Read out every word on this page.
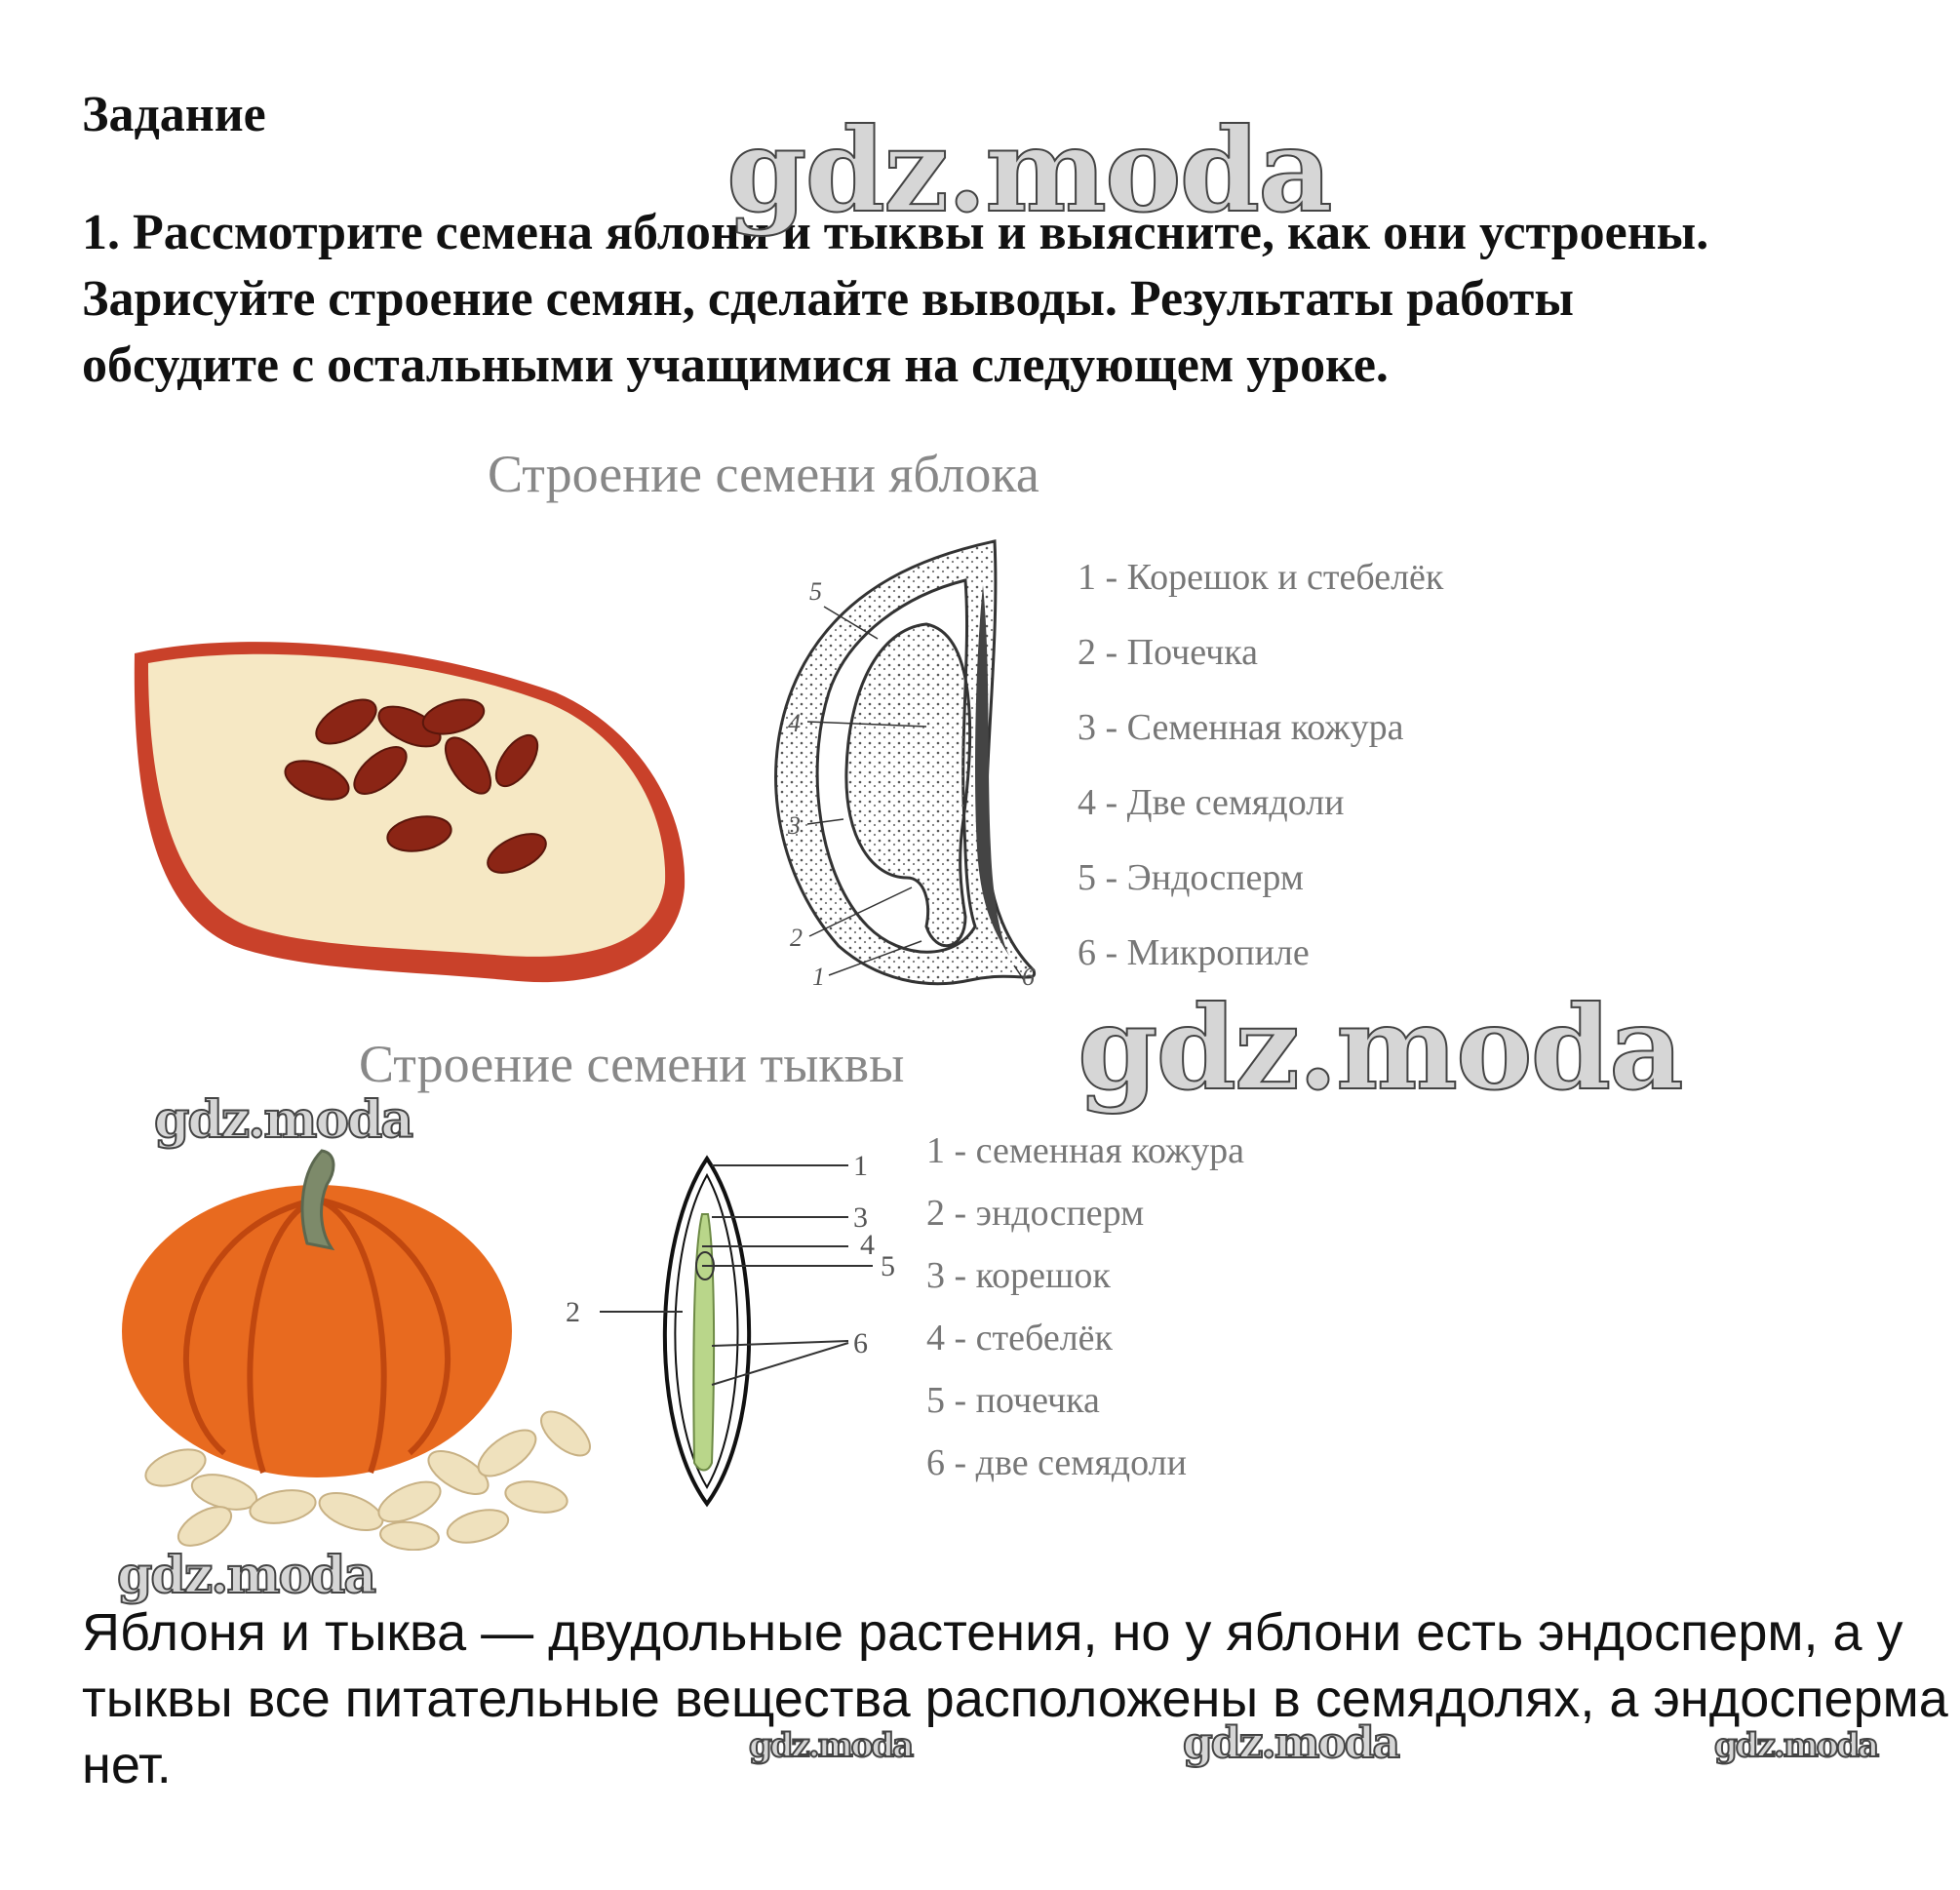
Задание
1. Рассмотрите семена яблони и тыквы и выясните, как они устроены.
Зарисуйте строение семян, сделайте выводы. Результаты работы
обсудите с остальными учащимися на следующем уроке.
Строение семени яблока
5
4
3
2
1	6
1 - Корешок и стебелёк
2 - Почечка
3 - Семенная кожура
4 - Две семядоли
5 - Эндосперм
6 - Микропиле
Строение семени тыквы
1
3
4
5
2
6
1 - семенная кожура
2 - эндосперм
3 - корешок
4 - стебелёк
5 - почечка
6 - две семядоли
Яблоня и тыква — двудольные растения, но у яблони есть эндосперм, а у
тыквы все питательные вещества расположены в семядолях, а эндосперма
нет.
gdz.moda
gdz.moda
gdz.moda
gdz.moda
gdz.moda	gdz.moda	gdz.moda
